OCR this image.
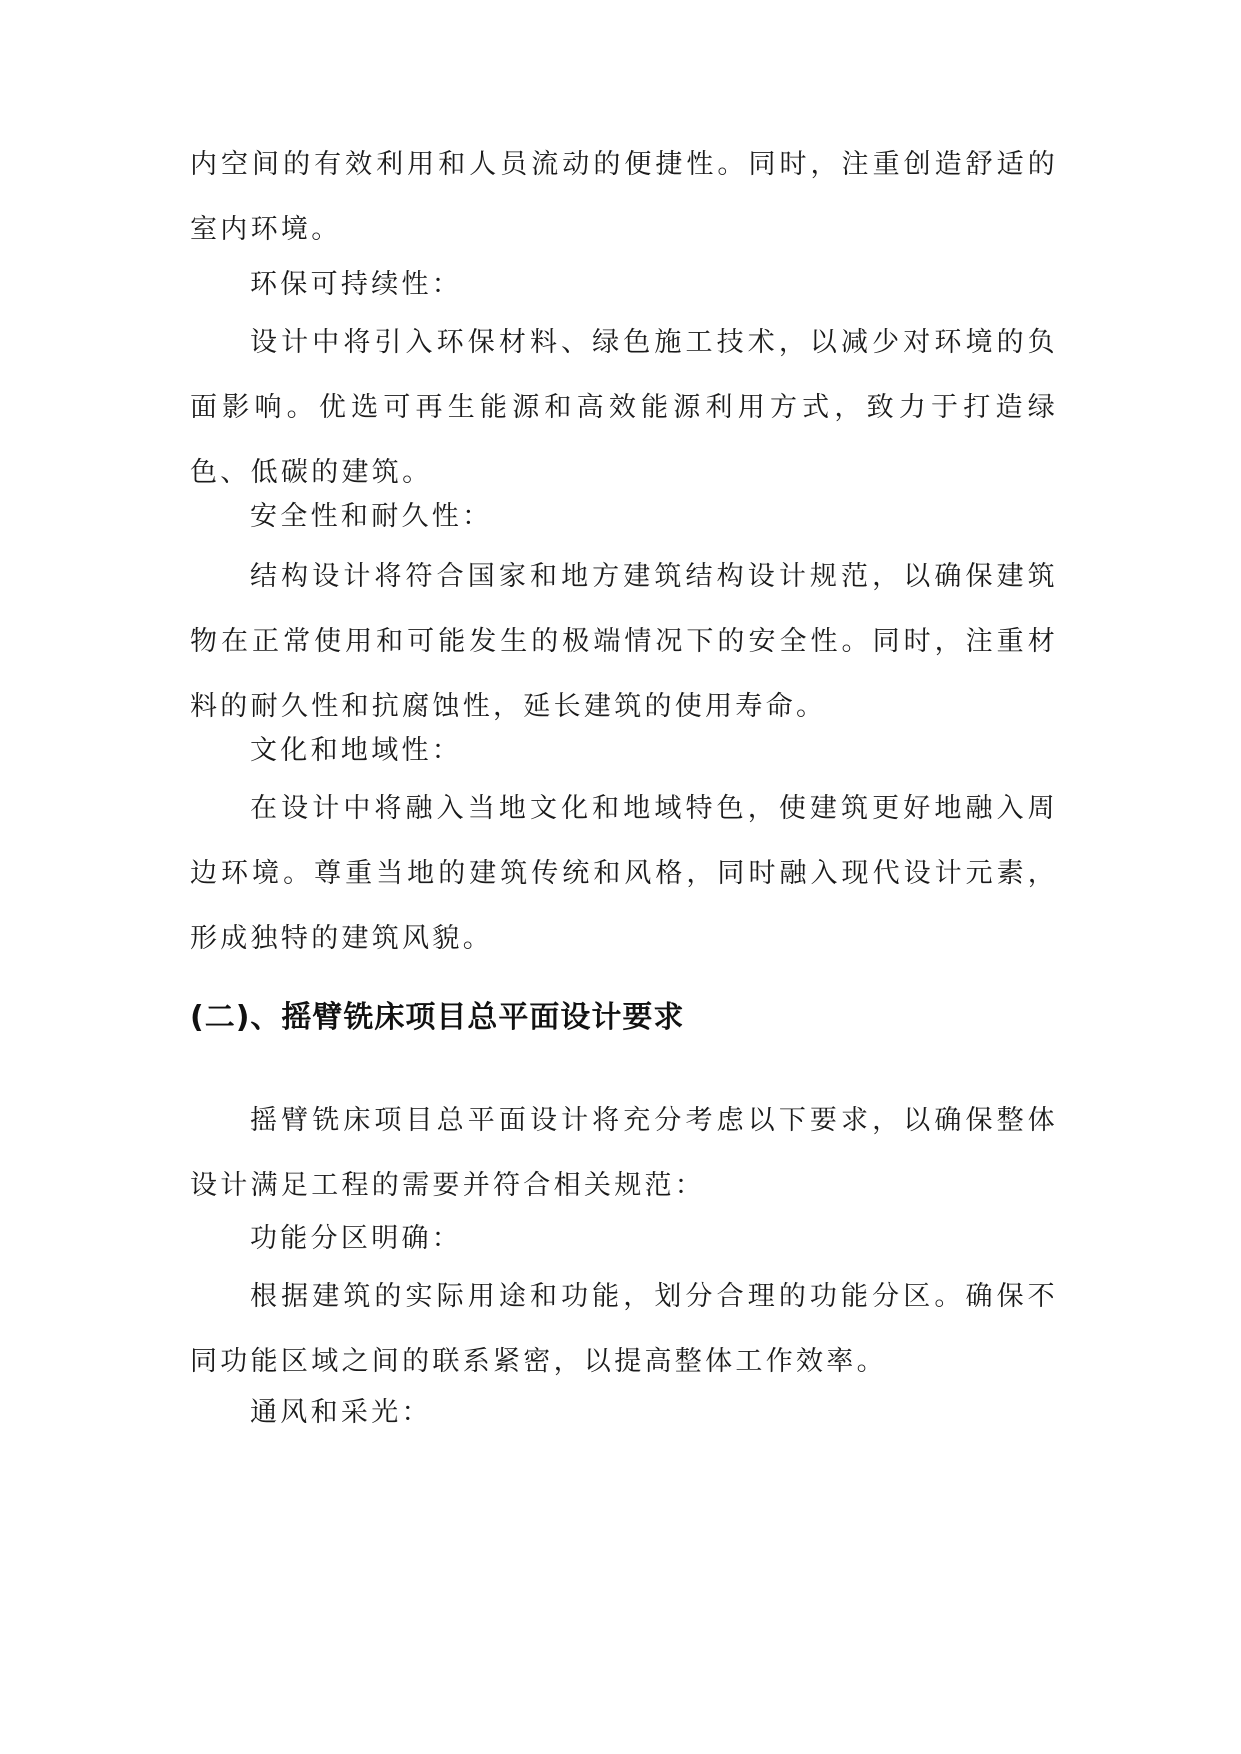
内空间的有效利用和人员流动的便捷性。同时，注重创造舒适的室内环境。

环保可持续性：

设计中将引入环保材料、绿色施工技术，以减少对环境的负面影响。优选可再生能源和高效能源利用方式，致力于打造绿色、低碳的建筑。

安全性和耐久性：

结构设计将符合国家和地方建筑结构设计规范，以确保建筑物在正常使用和可能发生的极端情况下的安全性。同时，注重材料的耐久性和抗腐蚀性，延长建筑的使用寿命。

文化和地域性：

在设计中将融入当地文化和地域特色，使建筑更好地融入周边环境。尊重当地的建筑传统和风格，同时融入现代设计元素，形成独特的建筑风貌。

(二)、摇臂铣床项目总平面设计要求

摇臂铣床项目总平面设计将充分考虑以下要求，以确保整体设计满足工程的需要并符合相关规范：

功能分区明确：

根据建筑的实际用途和功能，划分合理的功能分区。确保不同功能区域之间的联系紧密，以提高整体工作效率。

通风和采光：
